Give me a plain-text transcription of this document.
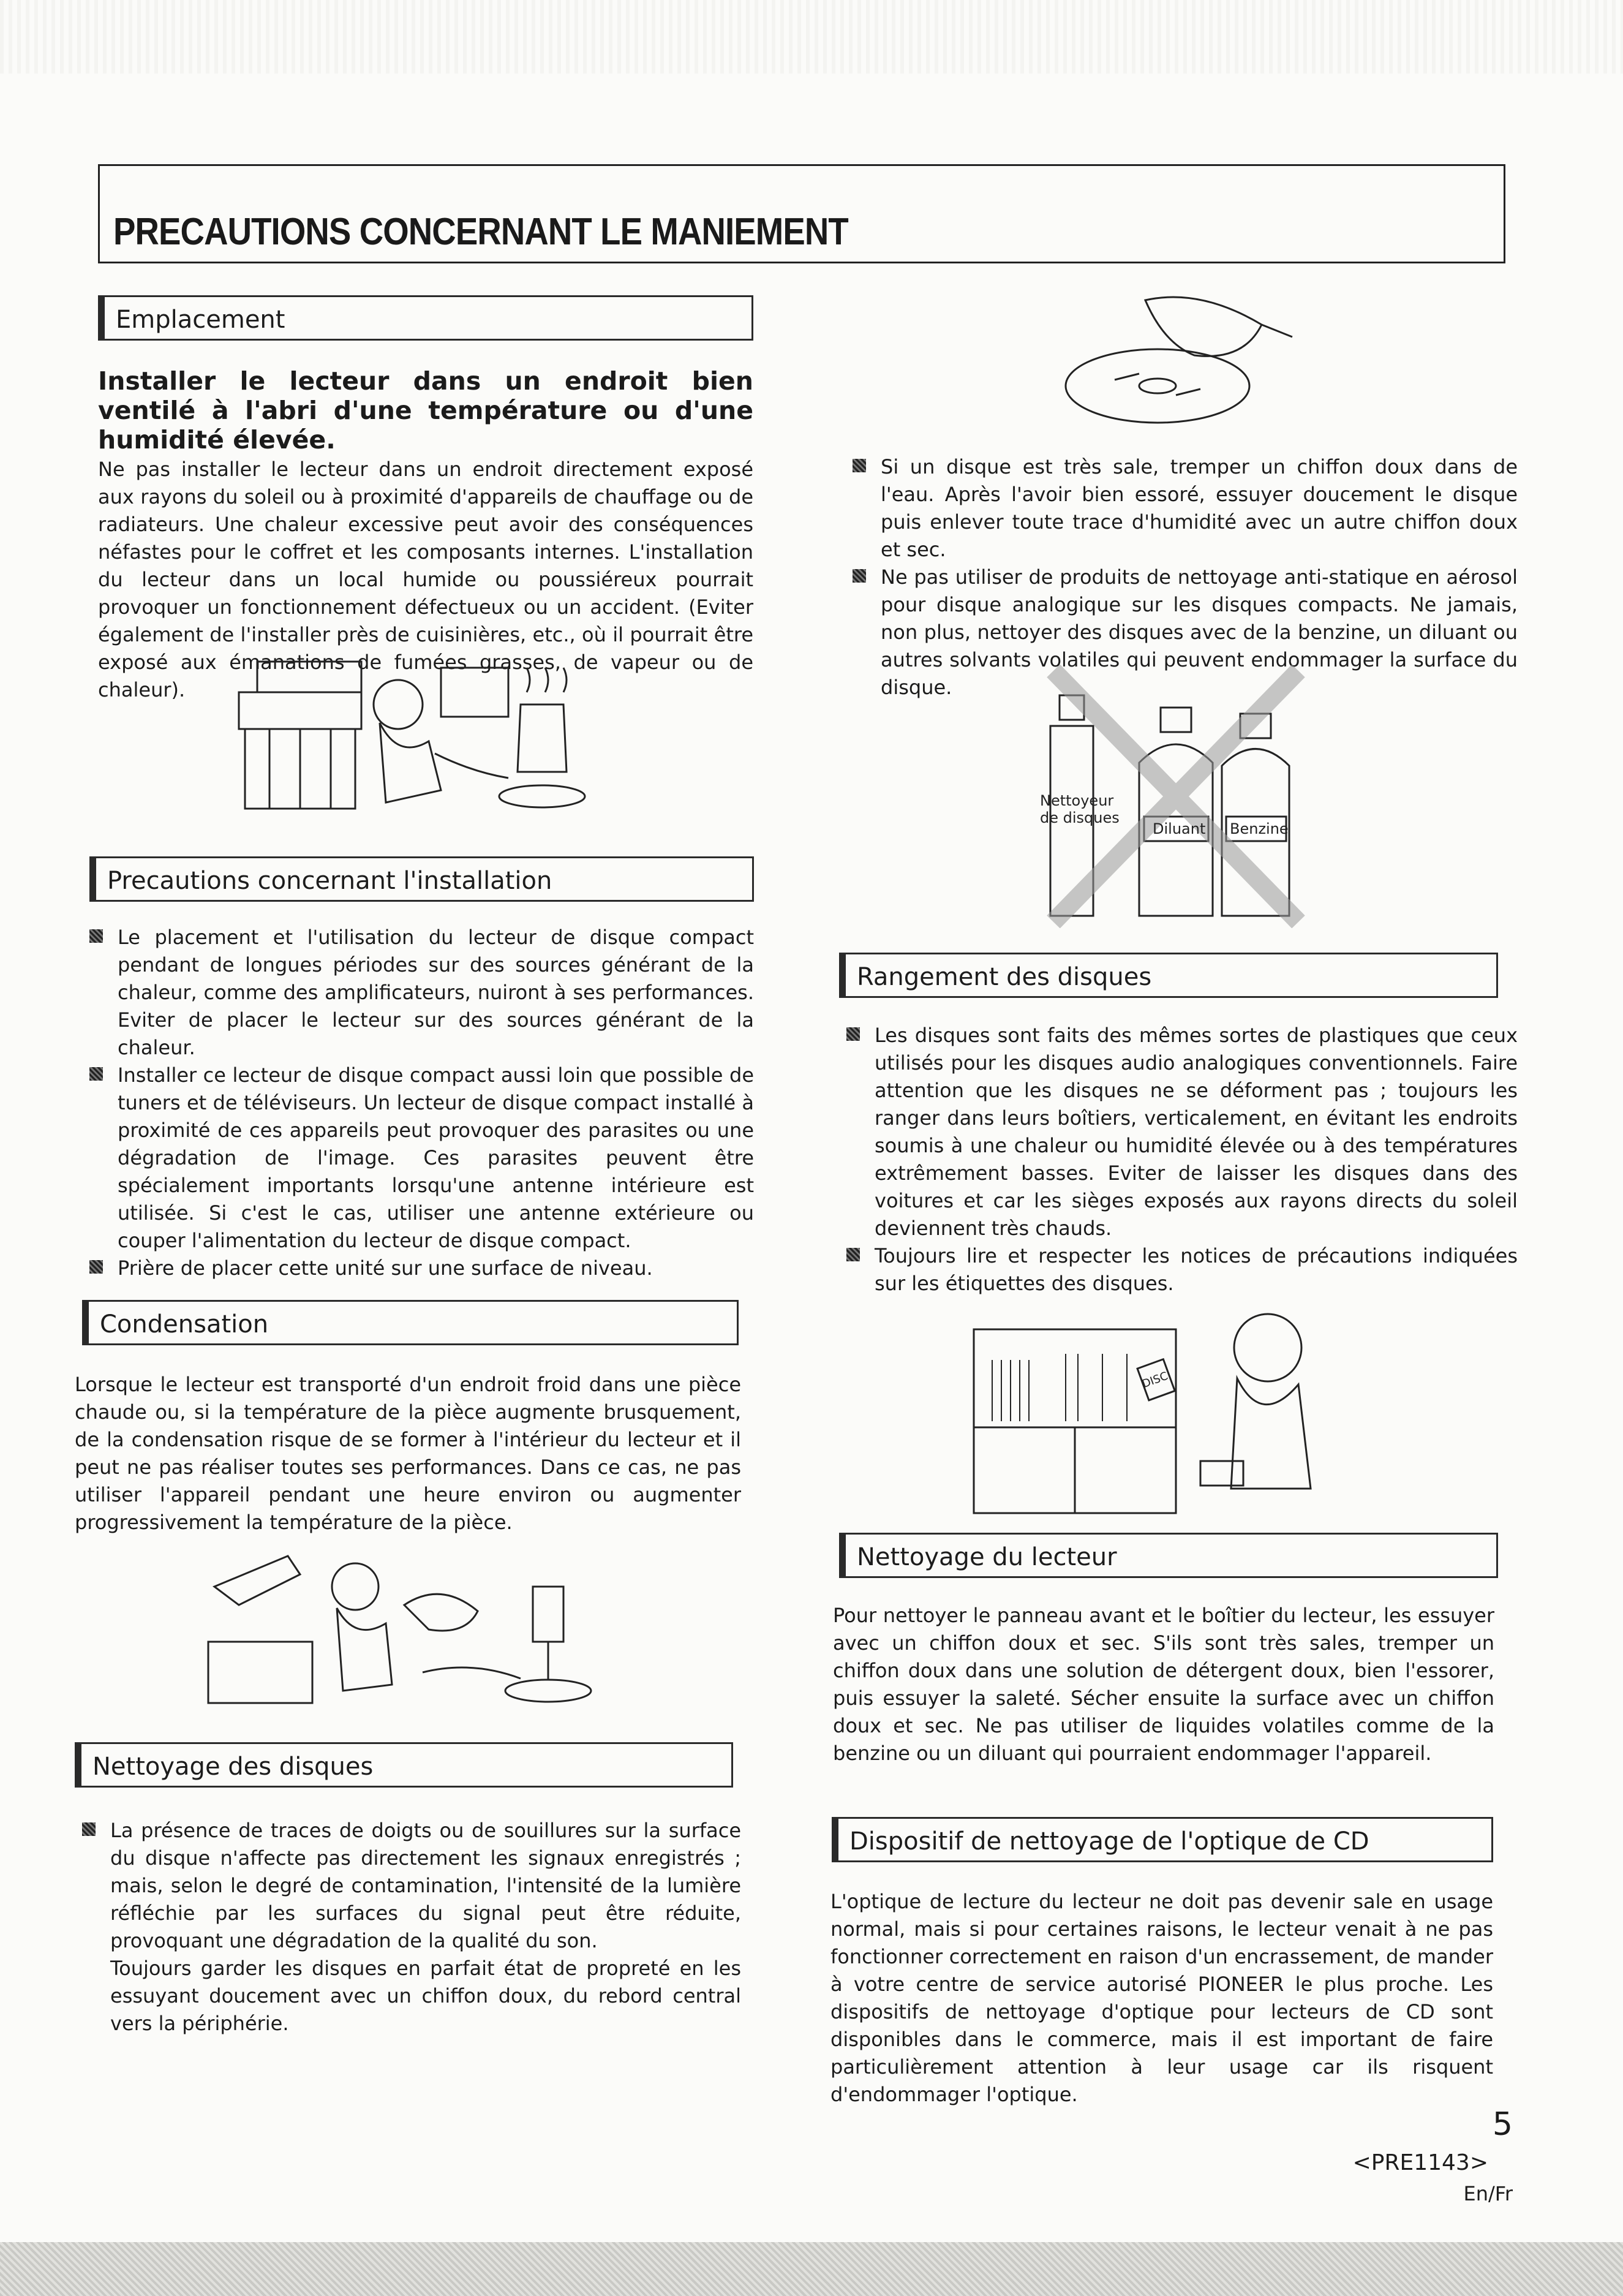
PRECAUTIONS CONCERNANT LE MANIEMENT
Emplacement

Installer le lecteur dans un endroit bien ventilé à l'abri d'une température ou d'une humidité élevée.

Ne pas installer le lecteur dans un endroit directement exposé aux rayons du soleil ou à proximité d'appareils de chauffage ou de radiateurs. Une chaleur excessive peut avoir des conséquences néfastes pour le coffret et les composants internes. L'installation du lecteur dans un local humide ou poussiéreux pourrait provoquer un fonctionnement défectueux ou un accident. (Eviter également de l'installer près de cuisinières, etc., où il pourrait être exposé aux émanations de fumées grasses, de vapeur ou de chaleur).

Precautions concernant l'installation
Le placement et l'utilisation du lecteur de disque compact pendant de longues périodes sur des sources générant de la chaleur, comme des amplificateurs, nuiront à ses performances. Eviter de placer le lecteur sur des sources générant de la chaleur.
Installer ce lecteur de disque compact aussi loin que possible de tuners et de téléviseurs. Un lecteur de disque compact installé à proximité de ces appareils peut provoquer des parasites ou une dégradation de l'image. Ces parasites peuvent être spécialement importants lorsqu'une antenne intérieure est utilisée. Si c'est le cas, utiliser une antenne extérieure ou couper l'alimentation du lecteur de disque compact.
Prière de placer cette unité sur une surface de niveau.
Condensation

Lorsque le lecteur est transporté d'un endroit froid dans une pièce chaude ou, si la température de la pièce augmente brusquement, de la condensation risque de se former à l'intérieur du lecteur et il peut ne pas réaliser toutes ses performances. Dans ce cas, ne pas utiliser l'appareil pendant une heure environ ou augmenter progressivement la température de la pièce.

Nettoyage des disques
La présence de traces de doigts ou de souillures sur la surface du disque n'affecte pas directement les signaux enregistrés ; mais, selon le degré de contamination, l'intensité de la lumière réfléchie par les surfaces du signal peut être réduite, provoquant une dégradation de la qualité du son.

Toujours garder les disques en parfait état de propreté en les essuyant doucement avec un chiffon doux, du rebord central vers la périphérie.

Si un disque est très sale, tremper un chiffon doux dans de l'eau. Après l'avoir bien essoré, essuyer doucement le disque puis enlever toute trace d'humidité avec un autre chiffon doux et sec.
Ne pas utiliser de produits de nettoyage anti-statique en aérosol pour disque analogique sur les disques compacts. Ne jamais, non plus, nettoyer des disques avec de la benzine, un diluant ou autres solvants volatiles qui peuvent endommager la surface du disque.
Nettoyeur
de disques
Diluant Benzine
Rangement des disques
Les disques sont faits des mêmes sortes de plastiques que ceux utilisés pour les disques audio analogiques conventionnels. Faire attention que les disques ne se déforment pas ; toujours les ranger dans leurs boîtiers, verticalement, en évitant les endroits soumis à une chaleur ou humidité élevée ou à des températures extrêmement basses. Eviter de laisser les disques dans des voitures et car les sièges exposés aux rayons directs du soleil deviennent très chauds.
Toujours lire et respecter les notices de précautions indiquées sur les étiquettes des disques.
DISC
Nettoyage du lecteur

Pour nettoyer le panneau avant et le boîtier du lecteur, les essuyer avec un chiffon doux et sec. S'ils sont très sales, tremper un chiffon doux dans une solution de détergent doux, bien l'essorer, puis essuyer la saleté. Sécher ensuite la surface avec un chiffon doux et sec. Ne pas utiliser de liquides volatiles comme de la benzine ou un diluant qui pourraient endommager l'appareil.

Dispositif de nettoyage de l'optique de CD

L'optique de lecture du lecteur ne doit pas devenir sale en usage normal, mais si pour certaines raisons, le lecteur venait à ne pas fonctionner correctement en raison d'un encrassement, de mander à votre centre de service autorisé PIONEER le plus proche. Les dispositifs de nettoyage d'optique pour lecteurs de CD sont disponibles dans le commerce, mais il est important de faire particulièrement attention à leur usage car ils risquent d'endommager l'optique.

5
<PRE1143>
En/Fr
